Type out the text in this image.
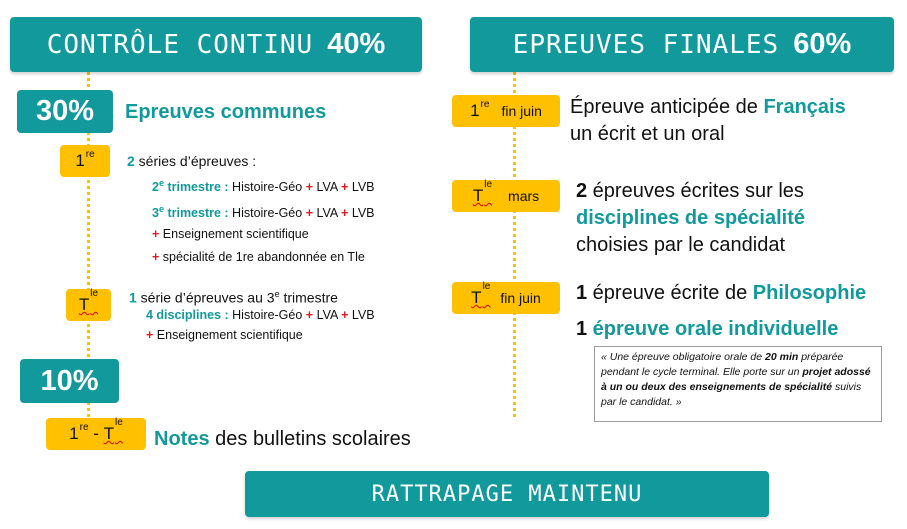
CONTRÔLE CONTINU 40%	EPREUVES FINALES 60%
30% Epreuves communes
1re 2 séries d’épreuves :
2e trimestre : Histoire-Géo + LVA + LVB
3e trimestre : Histoire-Géo + LVA + LVB
+ Enseignement scientifique
+ spécialité de 1re abandonnée en Tle
$T^{le}$ 1 série d’épreuves au 3e trimestre
4 disciplines : Histoire-Géo + LVA + LVB
+ Enseignement scientifique
10%
$1re - T^{le}$
Notes des bulletins scolaires
1re fin juin Épreuve anticipée de Français
un écrit et un oral
$T^{le}$
mars 2 épreuves écrites sur les
disciplines de spécialité
choisies par le candidat
$T^{le}$
fin juin 1 épreuve écrite de Philosophie
1 épreuve orale individuelle
« Une épreuve obligatoire orale de 20 min préparée pendant le cycle terminal. Elle porte sur un projet adossé à un ou deux des enseignements de spécialité suivis par le candidat. »
RATTRAPAGE MAINTENU
